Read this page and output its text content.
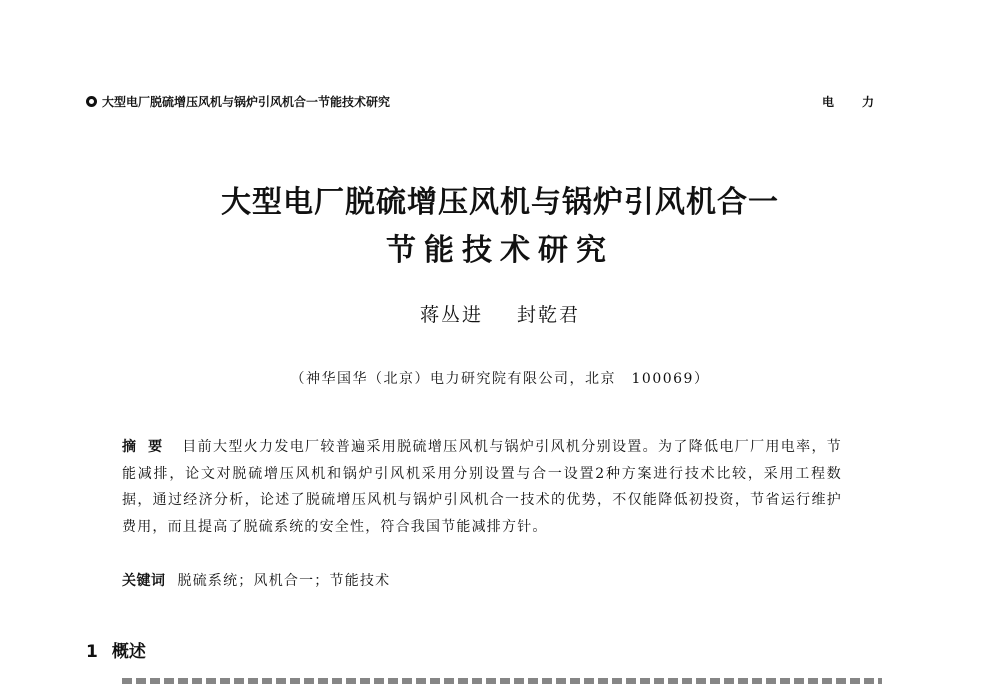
大型电厂脱硫增压风机与锅炉引风机合一节能技术研究	电力
大型电厂脱硫增压风机与锅炉引风机合一
节能技术研究
蒋丛进 封乾君
（神华国华（北京）电力研究院有限公司，北京　100069）
摘要 目前大型火力发电厂较普遍采用脱硫增压风机与锅炉引风机分别设置。为了降低电厂厂用电率，节能减排，论文对脱硫增压风机和锅炉引风机采用分别设置与合一设置2种方案进行技术比较，采用工程数据，通过经济分析，论述了脱硫增压风机与锅炉引风机合一技术的优势，不仅能降低初投资，节省运行维护费用，而且提高了脱硫系统的安全性，符合我国节能减排方针。
关键词 脱硫系统；风机合一；节能技术
1 概述
